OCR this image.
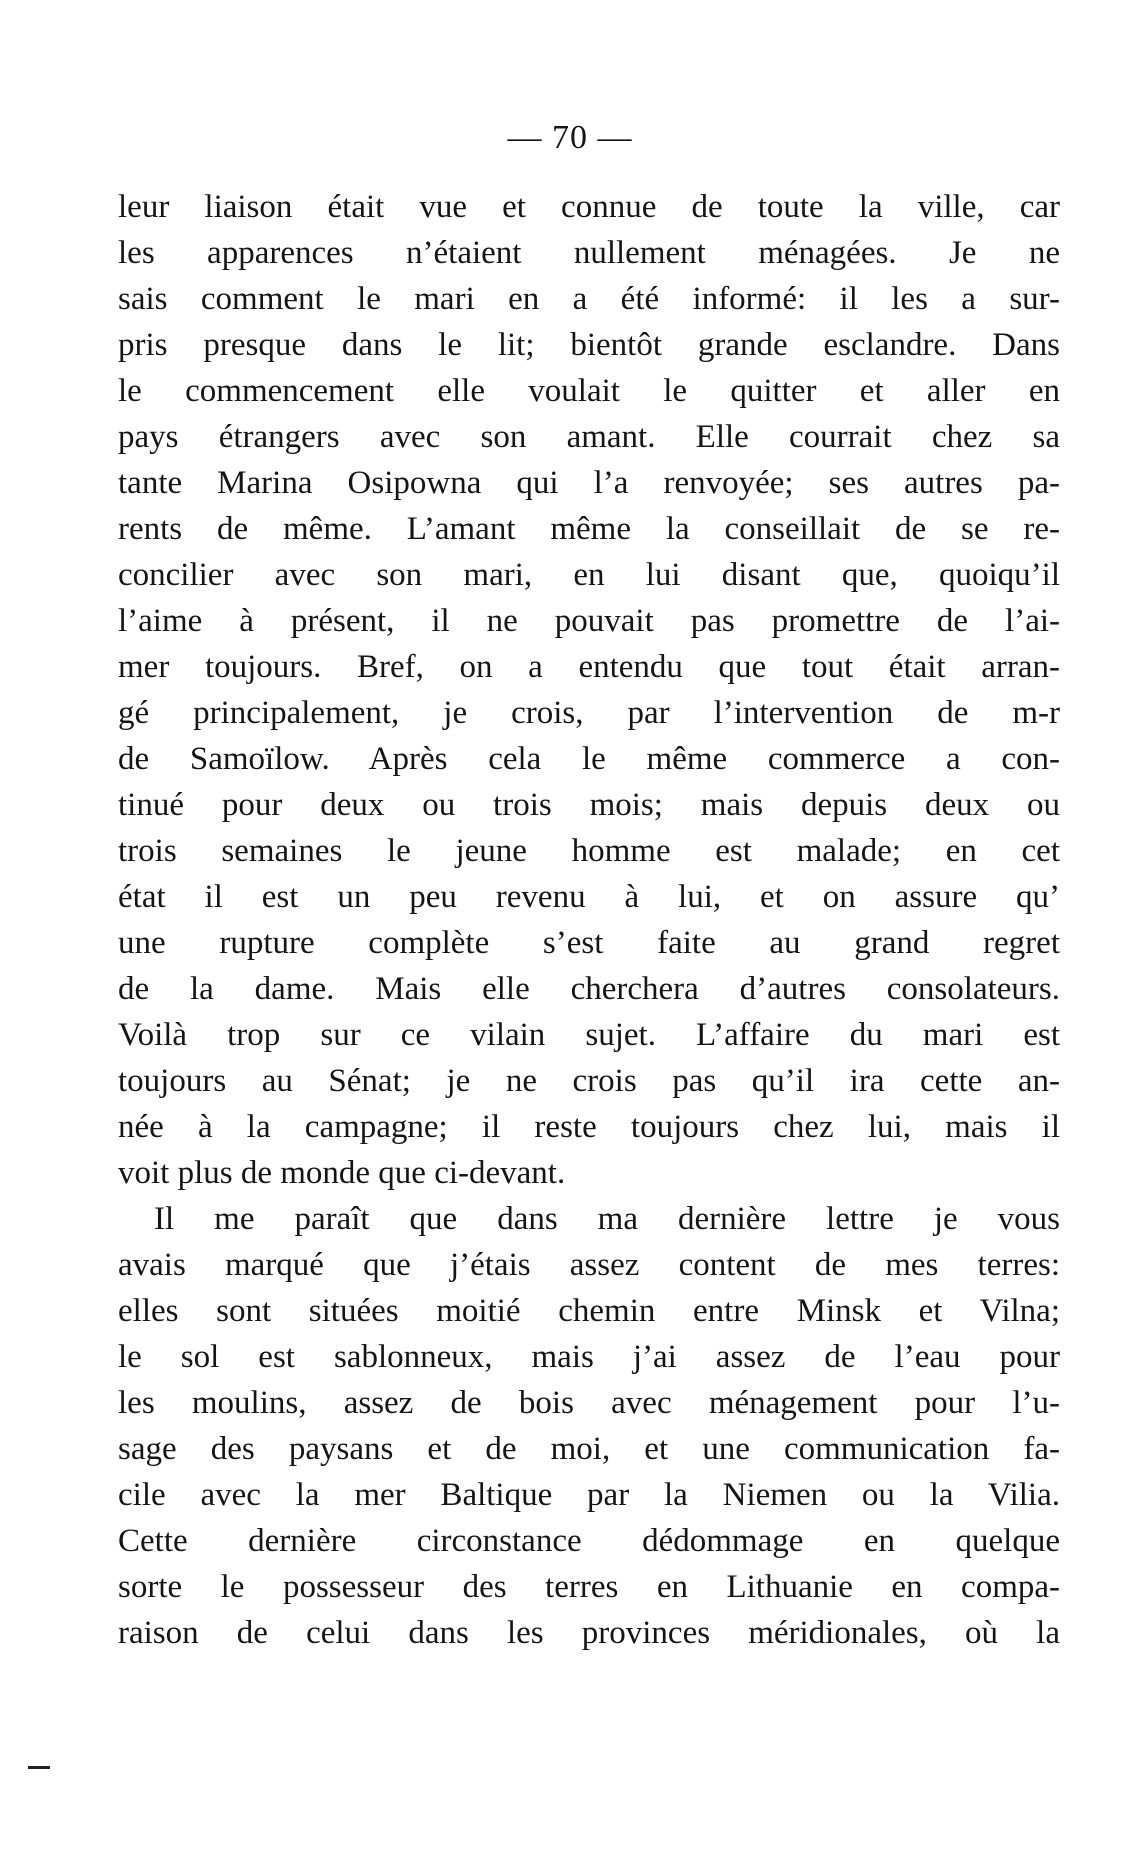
— 70 —
leur liaison était vue et connue de toute la ville, car
les apparences n’étaient nullement ménagées. Je ne
sais comment le mari en a été informé: il les a sur-
pris presque dans le lit; bientôt grande esclandre. Dans
le commencement elle voulait le quitter et aller en
pays étrangers avec son amant. Elle courrait chez sa
tante Marina Osipowna qui l’a renvoyée; ses autres pa-
rents de même. L’amant même la conseillait de se re-
concilier avec son mari, en lui disant que, quoiqu’il
l’aime à présent, il ne pouvait pas promettre de l’ai-
mer toujours. Bref, on a entendu que tout était arran-
gé principalement, je crois, par l’intervention de m-r
de Samoïlow. Après cela le même commerce a con-
tinué pour deux ou trois mois; mais depuis deux ou
trois semaines le jeune homme est malade; en cet
état il est un peu revenu à lui, et on assure qu’
une rupture complète s’est faite au grand regret
de la dame. Mais elle cherchera d’autres consolateurs.
Voilà trop sur ce vilain sujet. L’affaire du mari est
toujours au Sénat; je ne crois pas qu’il ira cette an-
née à la campagne; il reste toujours chez lui, mais il
voit plus de monde que ci-devant.
Il me paraît que dans ma dernière lettre je vous
avais marqué que j’étais assez content de mes terres:
elles sont situées moitié chemin entre Minsk et Vilna;
le sol est sablonneux, mais j’ai assez de l’eau pour
les moulins, assez de bois avec ménagement pour l’u-
sage des paysans et de moi, et une communication fa-
cile avec la mer Baltique par la Niemen ou la Vilia.
Cette dernière circonstance dédommage en quelque
sorte le possesseur des terres en Lithuanie en compa-
raison de celui dans les provinces méridionales, où la
